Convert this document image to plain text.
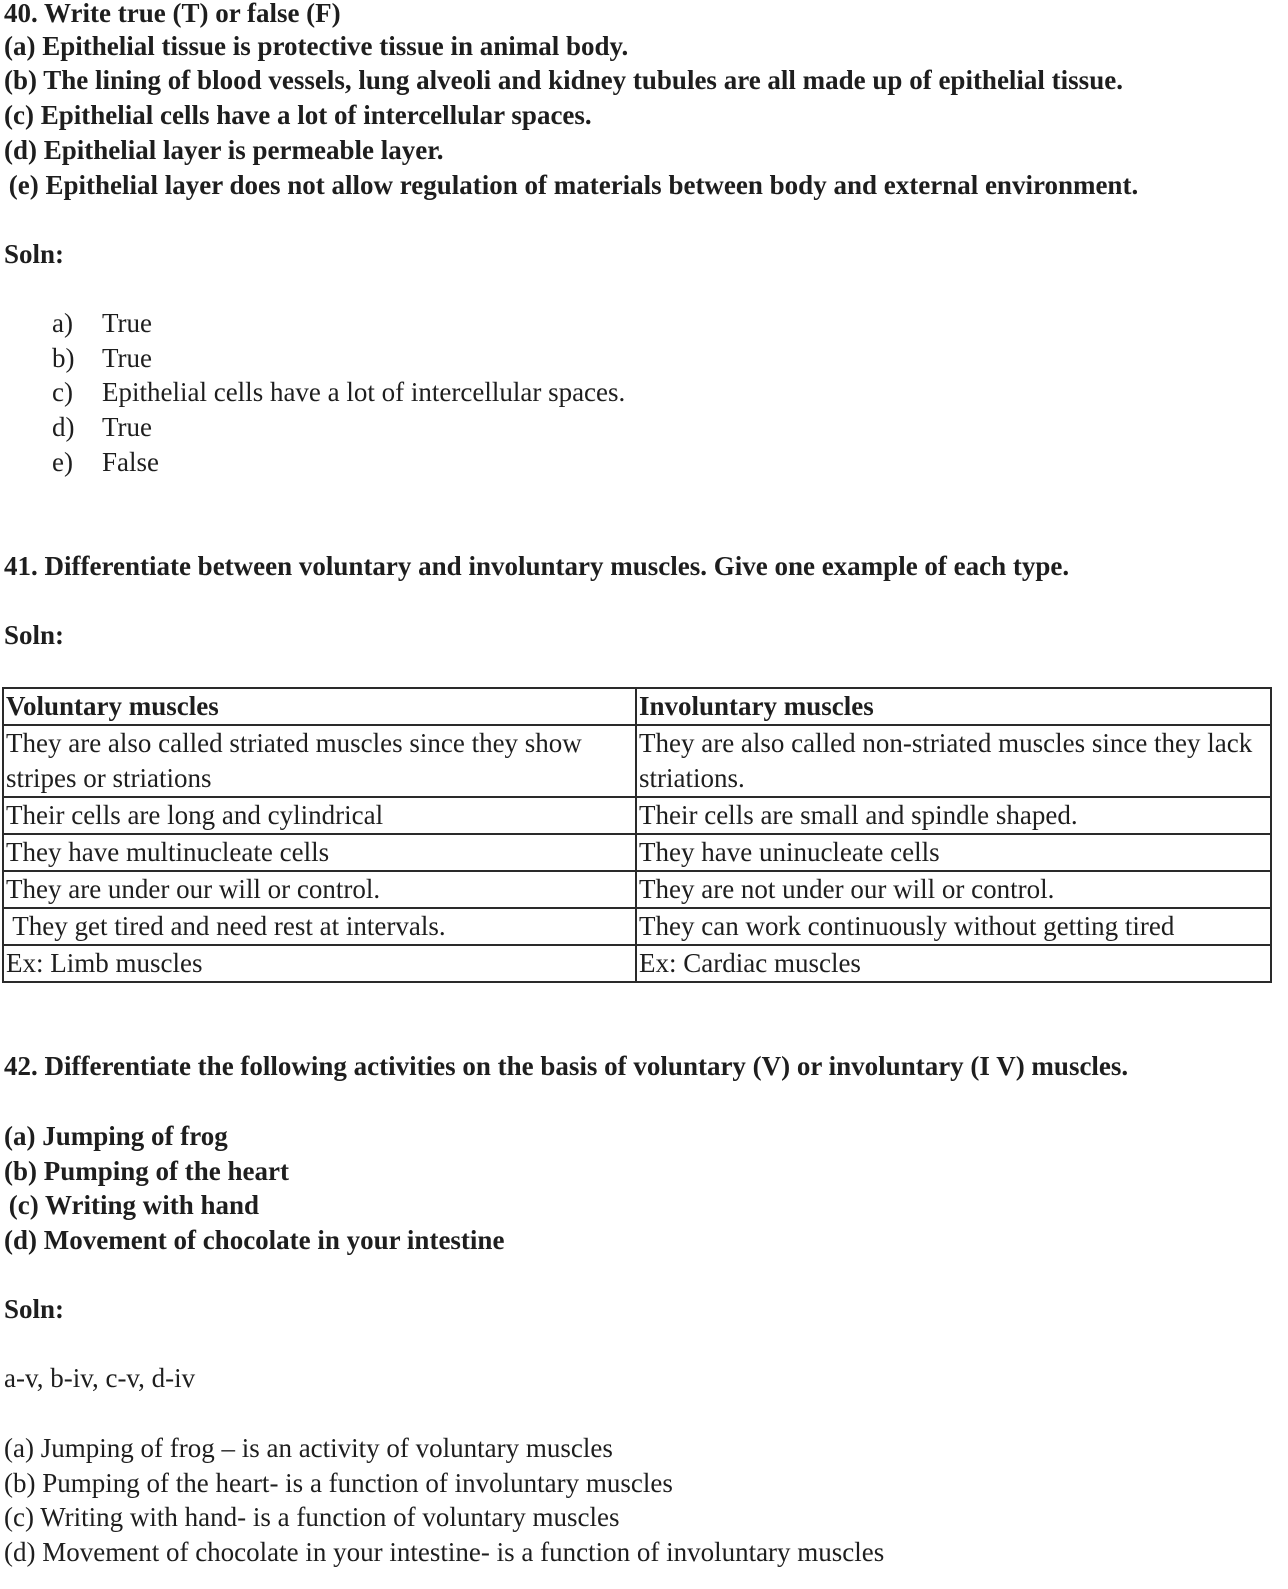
40. Write true (T) or false (F)
(a) Epithelial tissue is protective tissue in animal body.
(b) The lining of blood vessels, lung alveoli and kidney tubules are all made up of epithelial tissue.
(c) Epithelial cells have a lot of intercellular spaces.
(d) Epithelial layer is permeable layer.
(e) Epithelial layer does not allow regulation of materials between body and external environment.
Soln:
a) True
b) True
c) Epithelial cells have a lot of intercellular spaces.
d) True
e) False
41. Differentiate between voluntary and involuntary muscles. Give one example of each type.
Soln:
Voluntary muscles	Involuntary muscles
They are also called striated muscles since they show stripes or striations	They are also called non-striated muscles since they lack striations.
Their cells are long and cylindrical	Their cells are small and spindle shaped.
They have multinucleate cells	They have uninucleate cells
They are under our will or control.	They are not under our will or control.
They get tired and need rest at intervals.	They can work continuously without getting tired
Ex: Limb muscles	Ex: Cardiac muscles
42. Differentiate the following activities on the basis of voluntary (V) or involuntary (I V) muscles.
(a) Jumping of frog
(b) Pumping of the heart
(c) Writing with hand
(d) Movement of chocolate in your intestine
Soln:
a-v, b-iv, c-v, d-iv
(a) Jumping of frog – is an activity of voluntary muscles
(b) Pumping of the heart- is a function of involuntary muscles
(c) Writing with hand- is a function of voluntary muscles
(d) Movement of chocolate in your intestine- is a function of involuntary muscles
